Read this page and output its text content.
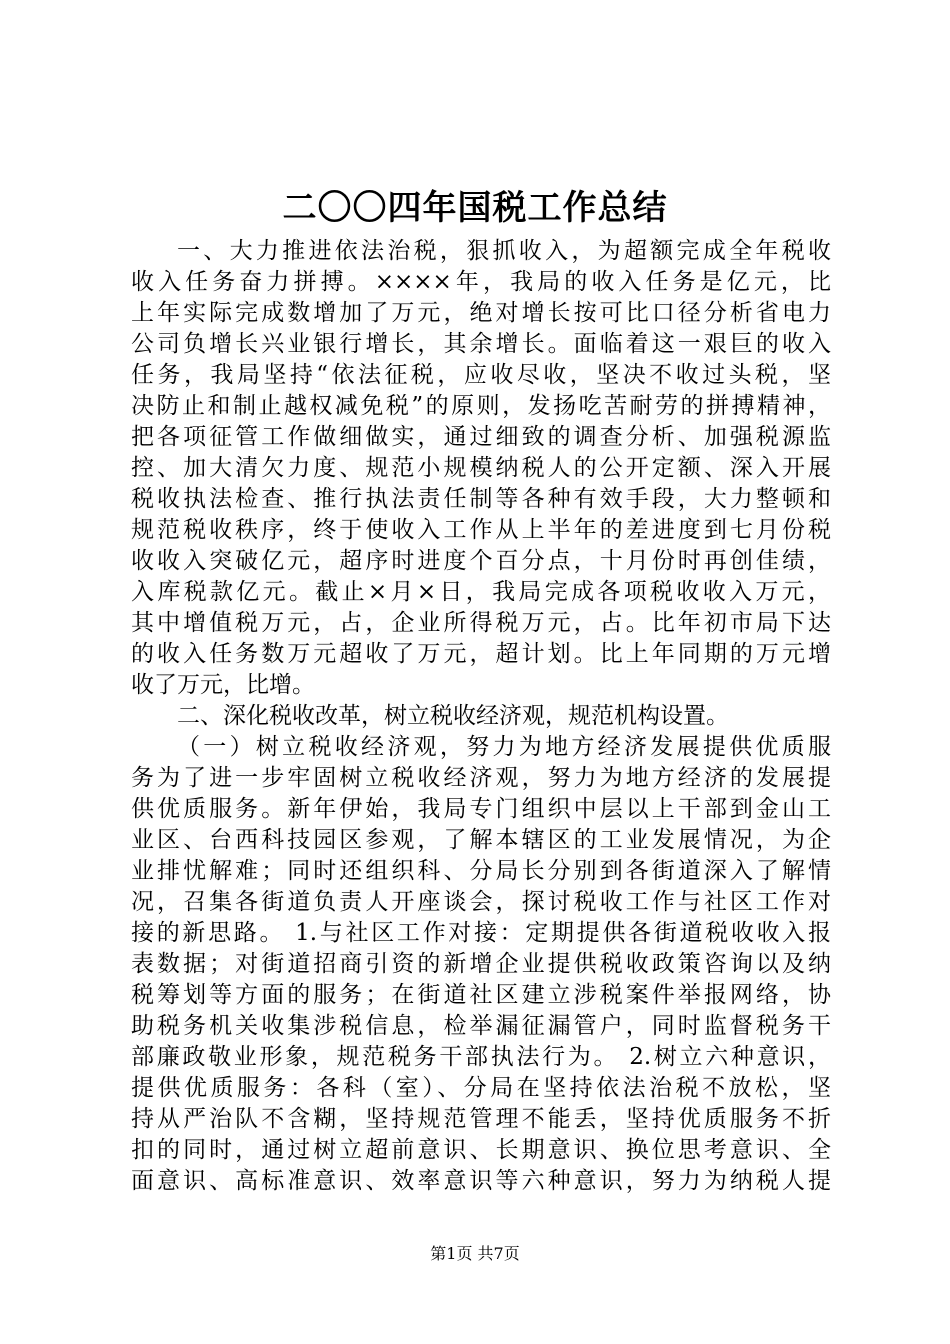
二〇〇四年国税工作总结
一、大力推进依法治税，狠抓收入，为超额完成全年税收
收入任务奋力拼搏。××××年，我局的收入任务是亿元，比
上年实际完成数增加了万元，绝对增长按可比口径分析省电力
公司负增长兴业银行增长，其余增长。面临着这一艰巨的收入
任务，我局坚持“依法征税，应收尽收，坚决不收过头税，坚
决防止和制止越权减免税”的原则，发扬吃苦耐劳的拼搏精神，
把各项征管工作做细做实，通过细致的调查分析、加强税源监
控、加大清欠力度、规范小规模纳税人的公开定额、深入开展
税收执法检查、推行执法责任制等各种有效手段，大力整顿和
规范税收秩序，终于使收入工作从上半年的差进度到七月份税
收收入突破亿元，超序时进度个百分点，十月份时再创佳绩，
入库税款亿元。截止×月×日，我局完成各项税收收入万元，
其中增值税万元，占，企业所得税万元，占。比年初市局下达
的收入任务数万元超收了万元，超计划。比上年同期的万元增
收了万元，比增。
二、深化税收改革，树立税收经济观，规范机构设置。
（一）树立税收经济观，努力为地方经济发展提供优质服
务为了进一步牢固树立税收经济观，努力为地方经济的发展提
供优质服务。新年伊始，我局专门组织中层以上干部到金山工
业区、台西科技园区参观，了解本辖区的工业发展情况，为企
业排忧解难；同时还组织科、分局长分别到各街道深入了解情
况，召集各街道负责人开座谈会，探讨税收工作与社区工作对
接的新思路。 1.与社区工作对接：定期提供各街道税收收入报
表数据；对街道招商引资的新增企业提供税收政策咨询以及纳
税筹划等方面的服务；在街道社区建立涉税案件举报网络，协
助税务机关收集涉税信息，检举漏征漏管户，同时监督税务干
部廉政敬业形象，规范税务干部执法行为。 2.树立六种意识，
提供优质服务：各科（室）、分局在坚持依法治税不放松，坚
持从严治队不含糊，坚持规范管理不能丢，坚持优质服务不折
扣的同时，通过树立超前意识、长期意识、换位思考意识、全
面意识、高标准意识、效率意识等六种意识，努力为纳税人提
第1页 共7页
